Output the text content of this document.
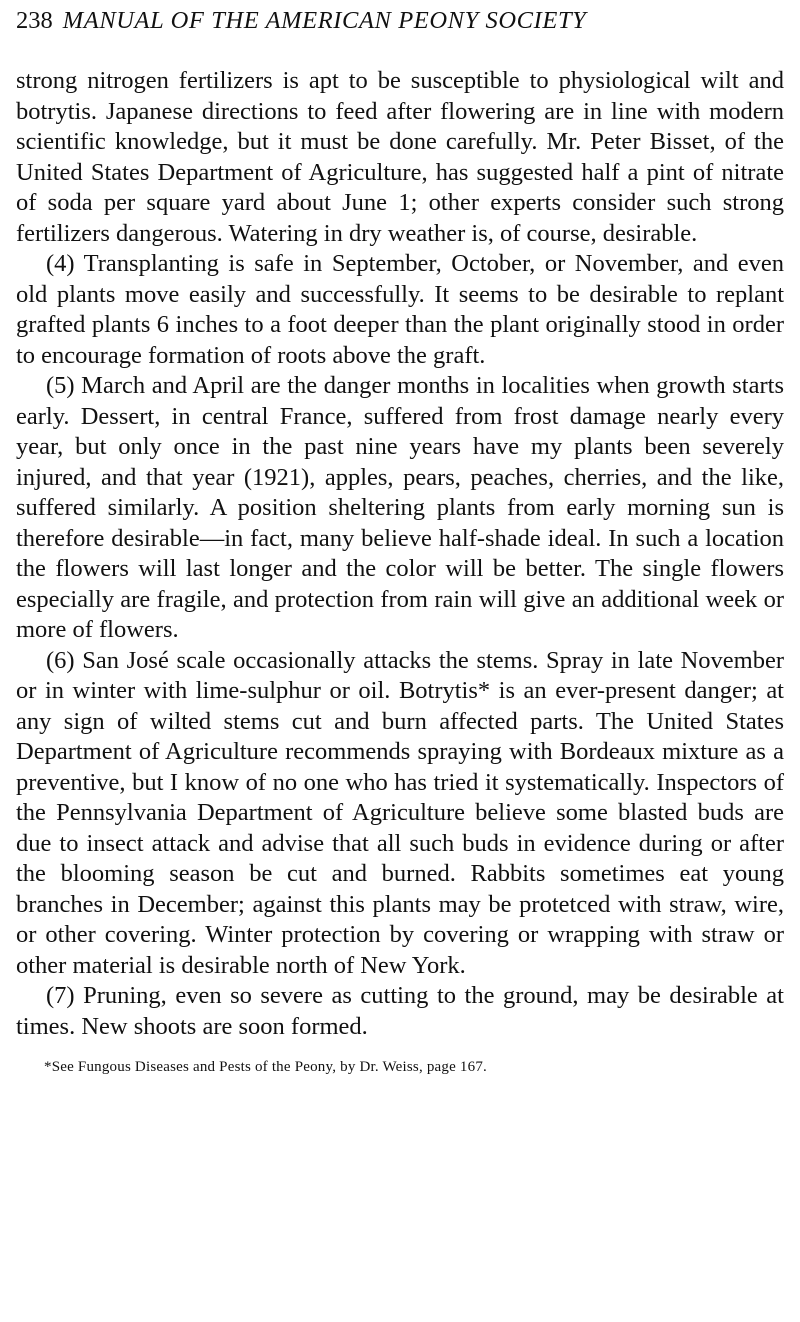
238 MANUAL OF THE AMERICAN PEONY SOCIETY

strong nitrogen fertilizers is apt to be susceptible to physiological wilt and botrytis. Japanese directions to feed after flowering are in line with modern scientific knowledge, but it must be done carefully. Mr. Peter Bisset, of the United States Department of Agriculture, has suggested half a pint of nitrate of soda per square yard about June 1; other experts consider such strong fertilizers dangerous. Watering in dry weather is, of course, desirable.

(4) Transplanting is safe in September, October, or November, and even old plants move easily and successfully. It seems to be desirable to replant grafted plants 6 inches to a foot deeper than the plant originally stood in order to encourage formation of roots above the graft.

(5) March and April are the danger months in localities when growth starts early. Dessert, in central France, suffered from frost damage nearly every year, but only once in the past nine years have my plants been severely injured, and that year (1921), apples, pears, peaches, cherries, and the like, suffered similarly. A position sheltering plants from early morning sun is therefore desirable—in fact, many believe half-shade ideal. In such a location the flowers will last longer and the color will be better. The single flowers especially are fragile, and protection from rain will give an additional week or more of flowers.

(6) San José scale occasionally attacks the stems. Spray in late November or in winter with lime-sulphur or oil. Botrytis* is an ever-present danger; at any sign of wilted stems cut and burn affected parts. The United States Department of Agriculture recommends spraying with Bordeaux mixture as a preventive, but I know of no one who has tried it systematically. Inspectors of the Pennsylvania Department of Agriculture believe some blasted buds are due to insect attack and advise that all such buds in evidence during or after the blooming season be cut and burned. Rabbits sometimes eat young branches in December; against this plants may be protetced with straw, wire, or other covering. Winter protection by covering or wrapping with straw or other material is desirable north of New York.

(7) Pruning, even so severe as cutting to the ground, may be desirable at times. New shoots are soon formed.

*See Fungous Diseases and Pests of the Peony, by Dr. Weiss, page 167.
